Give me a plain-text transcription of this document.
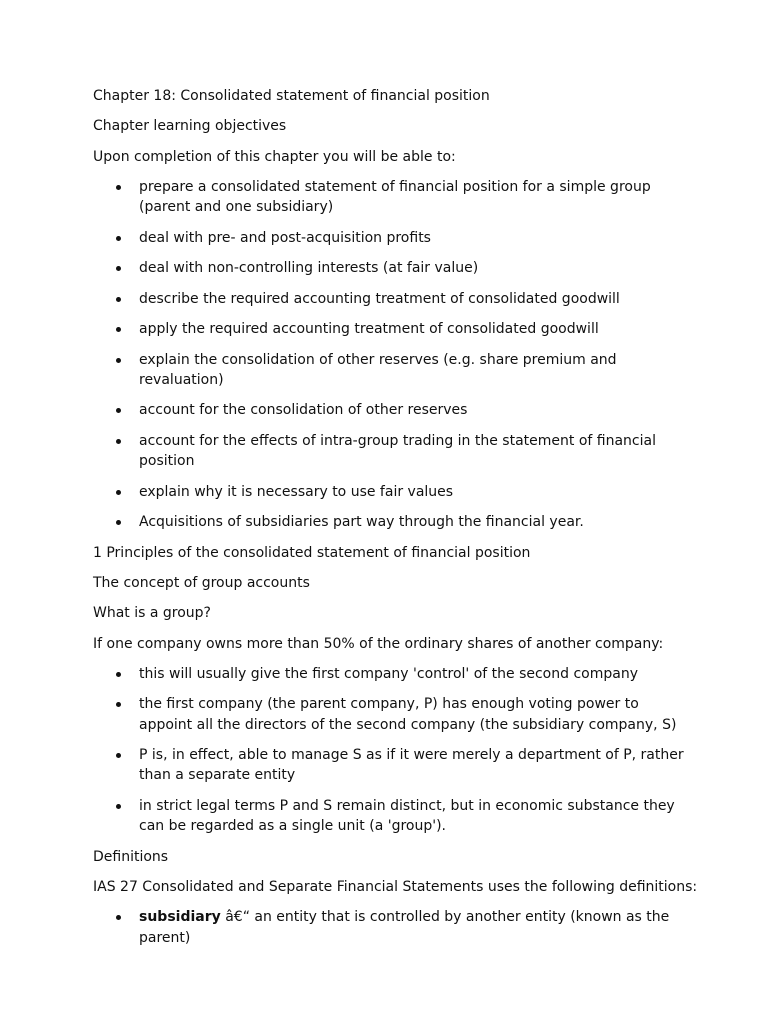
Chapter 18: Consolidated statement of financial position
Chapter learning objectives
Upon completion of this chapter you will be able to:
prepare a consolidated statement of financial position for a simple group (parent and one subsidiary)
deal with pre- and post-acquisition profits
deal with non-controlling interests (at fair value)
describe the required accounting treatment of consolidated goodwill
apply the required accounting treatment of consolidated goodwill
explain the consolidation of other reserves (e.g. share premium and revaluation)
account for the consolidation of other reserves
account for the effects of intra-group trading in the statement of financial position
explain why it is necessary to use fair values
Acquisitions of subsidiaries part way through the financial year.
1 Principles of the consolidated statement of financial position
The concept of group accounts
What is a group?
If one company owns more than 50% of the ordinary shares of another company:
this will usually give the first company 'control' of the second company
the first company (the parent company, P) has enough voting power to appoint all the directors of the second company (the subsidiary company, S)
P is, in effect, able to manage S as if it were merely a department of P, rather than a separate entity
in strict legal terms P and S remain distinct, but in economic substance they can be regarded as a single unit (a 'group').
Definitions
IAS 27 Consolidated and Separate Financial Statements uses the following definitions:
subsidiary â€“ an entity that is controlled by another entity (known as the parent)
